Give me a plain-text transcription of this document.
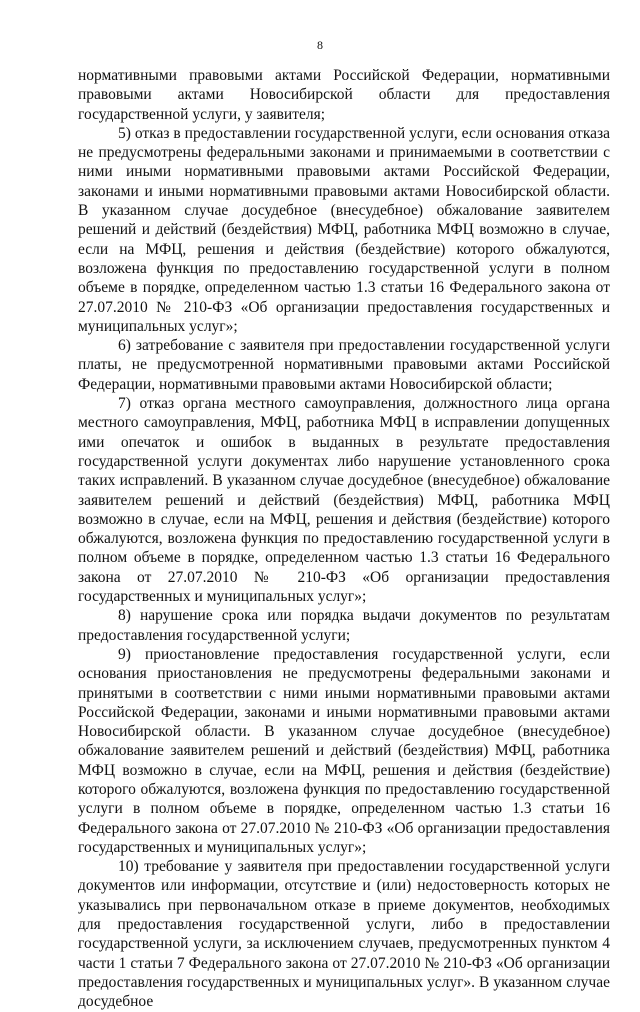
8

нормативными правовыми актами Российской Федерации, нормативными правовыми актами Новосибирской области для предоставления государственной услуги, у заявителя;

5) отказ в предоставлении государственной услуги, если основания отказа не предусмотрены федеральными законами и принимаемыми в соответствии с ними иными нормативными правовыми актами Российской Федерации, законами и иными нормативными правовыми актами Новосибирской области. В указанном случае досудебное (внесудебное) обжалование заявителем решений и действий (бездействия) МФЦ, работника МФЦ возможно в случае, если на МФЦ, решения и действия (бездействие) которого обжалуются, возложена функция по предоставлению государственной услуги в полном объеме в порядке, определенном частью 1.3 статьи 16 Федерального закона от 27.07.2010 № 210-ФЗ «Об организации предоставления государственных и муниципальных услуг»;

6) затребование с заявителя при предоставлении государственной услуги платы, не предусмотренной нормативными правовыми актами Российской Федерации, нормативными правовыми актами Новосибирской области;

7) отказ органа местного самоуправления, должностного лица органа местного самоуправления, МФЦ, работника МФЦ в исправлении допущенных ими опечаток и ошибок в выданных в результате предоставления государственной услуги документах либо нарушение установленного срока таких исправлений. В указанном случае досудебное (внесудебное) обжалование заявителем решений и действий (бездействия) МФЦ, работника МФЦ возможно в случае, если на МФЦ, решения и действия (бездействие) которого обжалуются, возложена функция по предоставлению государственной услуги в полном объеме в порядке, определенном частью 1.3 статьи 16 Федерального закона от 27.07.2010 № 210-ФЗ «Об организации предоставления государственных и муниципальных услуг»;

8) нарушение срока или порядка выдачи документов по результатам предоставления государственной услуги;

9) приостановление предоставления государственной услуги, если основания приостановления не предусмотрены федеральными законами и принятыми в соответствии с ними иными нормативными правовыми актами Российской Федерации, законами и иными нормативными правовыми актами Новосибирской области. В указанном случае досудебное (внесудебное) обжалование заявителем решений и действий (бездействия) МФЦ, работника МФЦ возможно в случае, если на МФЦ, решения и действия (бездействие) которого обжалуются, возложена функция по предоставлению государственной услуги в полном объеме в порядке, определенном частью 1.3 статьи 16 Федерального закона от 27.07.2010 № 210-ФЗ «Об организации предоставления государственных и муниципальных услуг»;

10) требование у заявителя при предоставлении государственной услуги документов или информации, отсутствие и (или) недостоверность которых не указывались при первоначальном отказе в приеме документов, необходимых для предоставления государственной услуги, либо в предоставлении государственной услуги, за исключением случаев, предусмотренных пунктом 4 части 1 статьи 7 Федерального закона от 27.07.2010 № 210-ФЗ «Об организации предоставления государственных и муниципальных услуг». В указанном случае досудебное
